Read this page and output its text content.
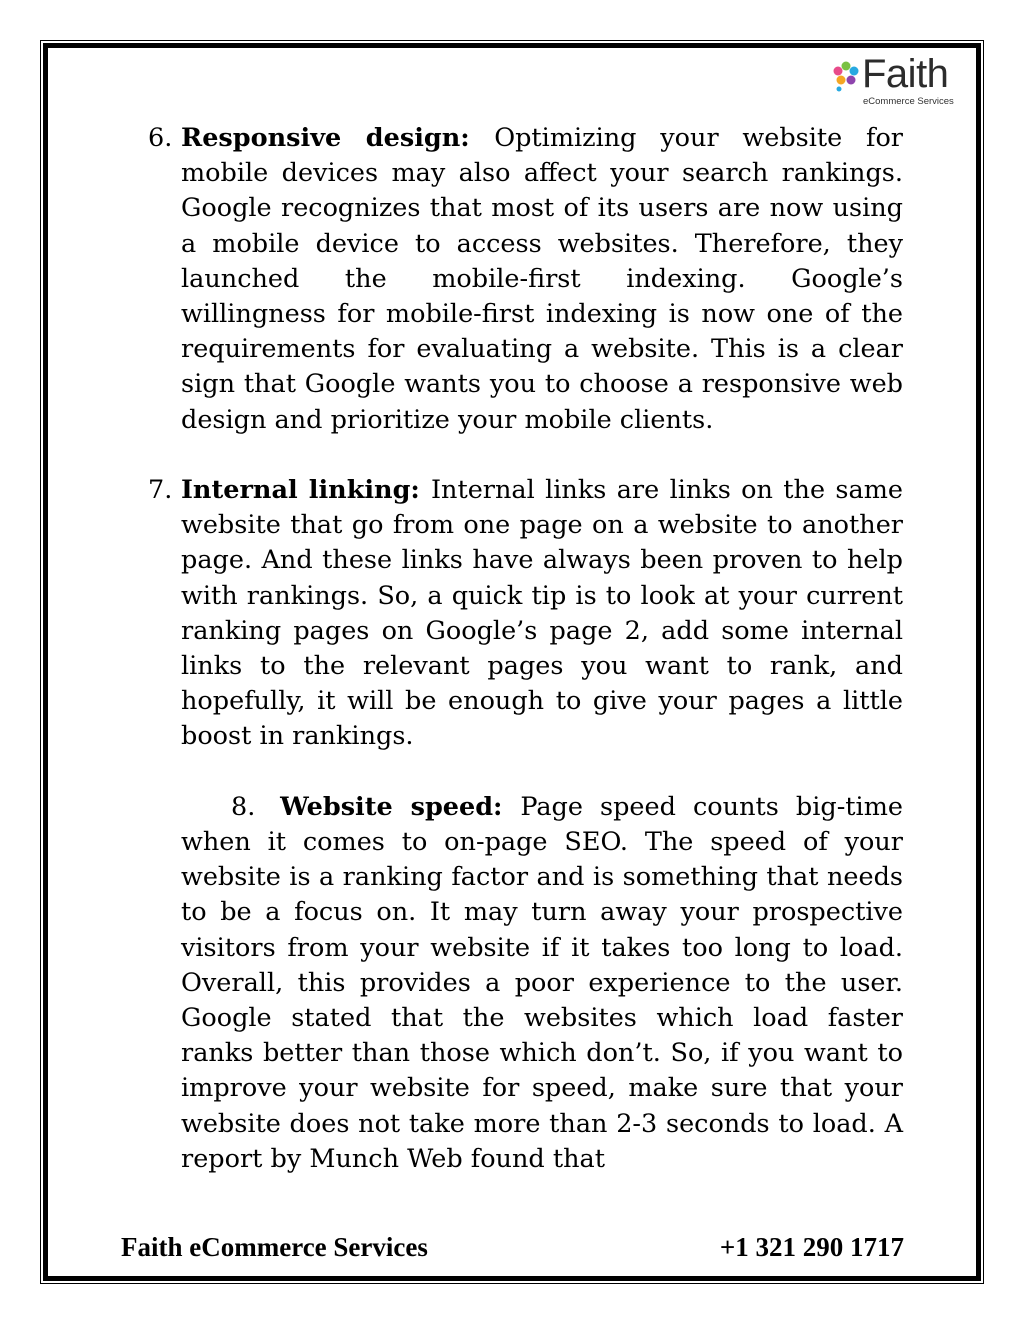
Faith
eCommerce Services

6. Responsive design: Optimizing your website for mobile devices may also affect your search rankings. Google recognizes that most of its users are now using a mobile device to access websites. Therefore, they launched the mobile-first indexing. Google’s willingness for mobile-first indexing is now one of the requirements for evaluating a website. This is a clear sign that Google wants you to choose a responsive web design and prioritize your mobile clients.

7. Internal linking: Internal links are links on the same website that go from one page on a website to another page. And these links have always been proven to help with rankings. So, a quick tip is to look at your current ranking pages on Google’s page 2, add some internal links to the relevant pages you want to rank, and hopefully, it will be enough to give your pages a little boost in rankings.

8. Website speed: Page speed counts big-time when it comes to on-page SEO. The speed of your website is a ranking factor and is something that needs to be a focus on. It may turn away your prospective visitors from your website if it takes too long to load. Overall, this provides a poor experience to the user. Google stated that the websites which load faster ranks better than those which don’t. So, if you want to improve your website for speed, make sure that your website does not take more than 2-3 seconds to load. A report by Munch Web found that

Faith eCommerce Services	+1 321 290 1717
